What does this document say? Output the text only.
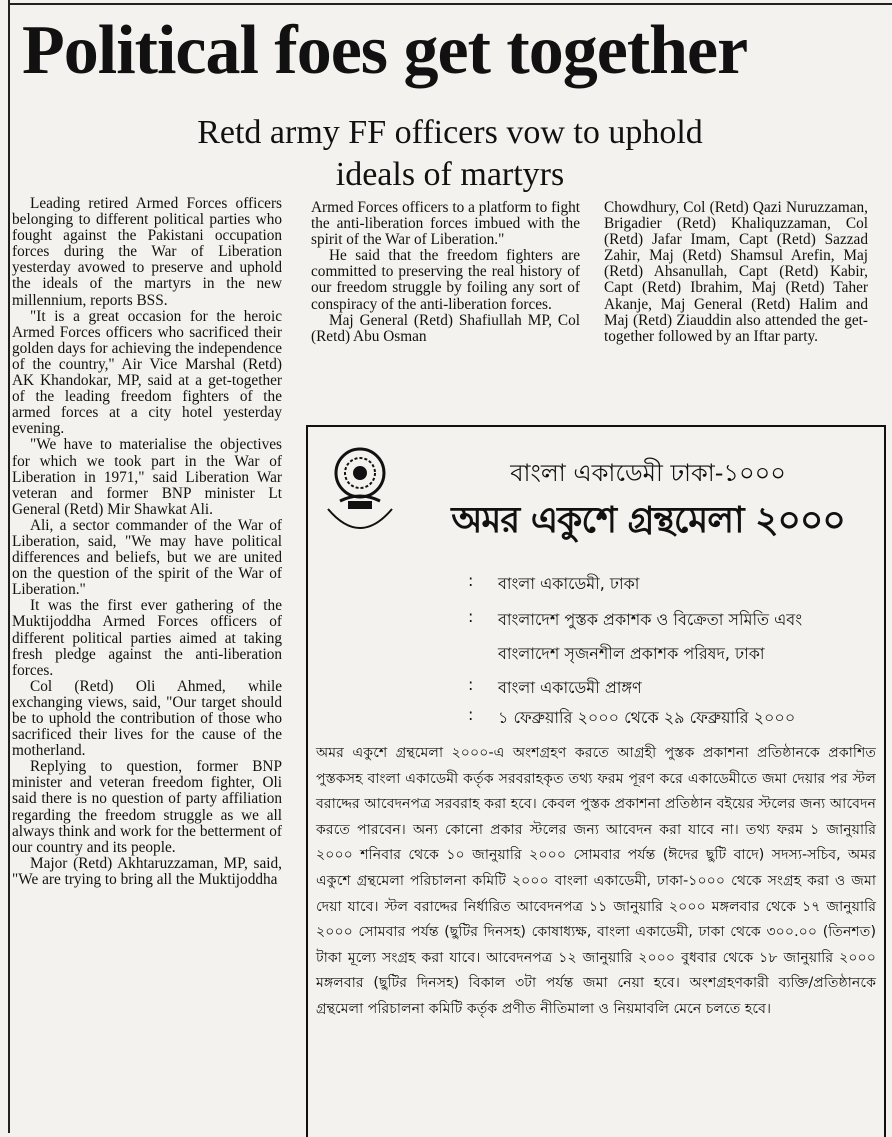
Political foes get together
Retd army FF officers vow to uphold
ideals of martyrs

Leading retired Armed Forces officers belonging to different political parties who fought against the Pakistani occupation forces during the War of Liberation yesterday avowed to preserve and uphold the ideals of the martyrs in the new millennium, reports BSS.

"It is a great occasion for the heroic Armed Forces officers who sacrificed their golden days for achieving the independence of the country," Air Vice Marshal (Retd) AK Khandokar, MP, said at a get-together of the leading freedom fighters of the armed forces at a city hotel yesterday evening.

"We have to materialise the objectives for which we took part in the War of Liberation in 1971," said Liberation War veteran and former BNP minister Lt General (Retd) Mir Shawkat Ali.

Ali, a sector commander of the War of Liberation, said, "We may have political differences and beliefs, but we are united on the question of the spirit of the War of Liberation."

It was the first ever gathering of the Muktijoddha Armed Forces officers of different political parties aimed at taking fresh pledge against the anti-liberation forces.

Col (Retd) Oli Ahmed, while exchanging views, said, "Our target should be to uphold the contribution of those who sacrificed their lives for the cause of the motherland.

Replying to question, former BNP minister and veteran freedom fighter, Oli said there is no question of party affiliation regarding the freedom struggle as we all always think and work for the betterment of our country and its people.

Major (Retd) Akhtaruzzaman, MP, said, "We are trying to bring all the Muktijoddha

Armed Forces officers to a platform to fight the anti-liberation forces imbued with the spirit of the War of Liberation."

He said that the freedom fighters are committed to preserving the real history of our freedom struggle by foiling any sort of conspiracy of the anti-liberation forces.

Maj General (Retd) Shafiullah MP, Col (Retd) Abu Osman

Chowdhury, Col (Retd) Qazi Nuruzzaman, Brigadier (Retd) Khaliquzzaman, Col (Retd) Jafar Imam, Capt (Retd) Sazzad Zahir, Maj (Retd) Shamsul Arefin, Maj (Retd) Ahsanullah, Capt (Retd) Kabir, Capt (Retd) Ibrahim, Maj (Retd) Taher Akanje, Maj General (Retd) Halim and Maj (Retd) Ziauddin also attended the get-together followed by an Iftar party.

বাংলা একাডেমী ঢাকা-১০০০
অমর একুশে গ্রন্থমেলা ২০০০
: বাংলা একাডেমী, ঢাকা
: বাংলাদেশ পুস্তক প্রকাশক ও বিক্রেতা সমিতি এবং
বাংলাদেশ সৃজনশীল প্রকাশক পরিষদ, ঢাকা
: বাংলা একাডেমী প্রাঙ্গণ
: ১ ফেব্রুয়ারি ২০০০ থেকে ২৯ ফেব্রুয়ারি ২০০০
অমর একুশে গ্রন্থমেলা ২০০০-এ অংশগ্রহণ করতে আগ্রহী পুস্তক প্রকাশনা প্রতিষ্ঠানকে প্রকাশিত পুস্তকসহ বাংলা একাডেমী কর্তৃক সরবরাহকৃত তথ্য ফরম পূরণ করে একাডেমীতে জমা দেয়ার পর স্টল বরাদ্দের আবেদনপত্র সরবরাহ করা হবে। কেবল পুস্তক প্রকাশনা প্রতিষ্ঠান বইয়ের স্টলের জন্য আবেদন করতে পারবেন। অন্য কোনো প্রকার স্টলের জন্য আবেদন করা যাবে না। তথ্য ফরম ১ জানুয়ারি ২০০০ শনিবার থেকে ১০ জানুয়ারি ২০০০ সোমবার পর্যন্ত (ঈদের ছুটি বাদে) সদস্য-সচিব, অমর একুশে গ্রন্থমেলা পরিচালনা কমিটি ২০০০ বাংলা একাডেমী, ঢাকা-১০০০ থেকে সংগ্রহ করা ও জমা দেয়া যাবে। স্টল বরাদ্দের নির্ধারিত আবেদনপত্র ১১ জানুয়ারি ২০০০ মঙ্গলবার থেকে ১৭ জানুয়ারি ২০০০ সোমবার পর্যন্ত (ছুটির দিনসহ) কোষাধ্যক্ষ, বাংলা একাডেমী, ঢাকা থেকে ৩০০.০০ (তিনশত) টাকা মূল্যে সংগ্রহ করা যাবে। আবেদনপত্র ১২ জানুয়ারি ২০০০ বুধবার থেকে ১৮ জানুয়ারি ২০০০ মঙ্গলবার (ছুটির দিনসহ) বিকাল ৩টা পর্যন্ত জমা নেয়া হবে। অংশগ্রহণকারী ব্যক্তি/প্রতিষ্ঠানকে গ্রন্থমেলা পরিচালনা কমিটি কর্তৃক প্রণীত নীতিমালা ও নিয়মাবলি মেনে চলতে হবে।
